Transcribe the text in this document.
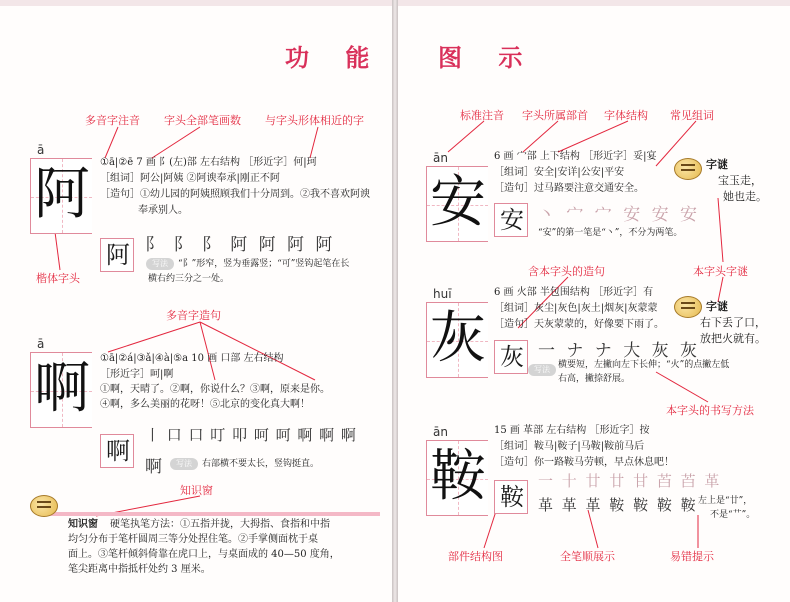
功 能
多音字注音 字头全部笔画数 与字头形体相近的字
楷体字头
多音字造句
知识窗
ā
阿 ①ā|②ē 7 画 阝(左)部 左右结构 ［形近字］何|珂
［组词］阿公|阿姨 ②阿谀奉承|刚正不阿
［造句］①幼儿园的阿姨照顾我们十分周到。②我不喜欢阿谀
奉承别人。
阿 阝 阝 阝 阿 阿 阿 阿
写法	“阝”形窄，竖为垂露竖；“可”竖钩起笔在长
横右约三分之一处。
ā
啊 ①ā|②á|③ǎ|④à|⑤a 10 画 口部 左右结构
［形近字］呵|啊
①啊，天晴了。②啊，你说什么？③啊，原来是你。
④啊，多么美丽的花呀！⑤北京的变化真大啊！
啊
丨 口 口 叮 叩 呵 呵 啊 啊 啊
啊	写法	右部横不要太长，竖钩挺直。
知识窗 硬笔执笔方法：①五指并拢，大拇指、食指和中指
均匀分布于笔杆圆周三等分处捏住笔。②手掌侧面枕于桌
面上。③笔杆倾斜倚靠在虎口上，与桌面成的 40—50 度角，
笔尖距离中指抵杆处约 3 厘米。
图 示
标准注音 字头所属部首 字体结构 常见组词
含本字头的造句	本字头字谜
本字头的书写方法
部件结构图	全笔顺展示	易错提示
ān
安
6 画 宀部 上下结构 ［形近字］妥|宴
［组词］安全|安详|公安|平安
［造句］过马路要注意交通安全。
安 丶 宀 宀 安 安 安
“安”的第一笔是“丶”，不分为两笔。
字谜
宝玉走，
她也走。
huī
灰
6 画 火部 半包围结构 ［形近字］有
［组词］灰尘|灰色|灰土|烟灰|灰蒙蒙
［造句］天灰蒙蒙的，好像要下雨了。
灰 一 ナ ナ 大 灰 灰
写法 横要短，左撇向左下长伸；“火”的点撇左低
右高，撇捺舒展。
字谜
右下丢了口，
放把火就有。
ān
鞍
15 画 革部 左右结构 ［形近字］按
［组词］鞍马|鞍子|马鞍|鞍前马后
［造句］你一路鞍马劳顿，早点休息吧！
鞍
一 十 廿 廿 甘 苩 苩 革
革 革 革 鞍 鞍 鞍 鞍 左上是“廿”，
不是“艹”。
